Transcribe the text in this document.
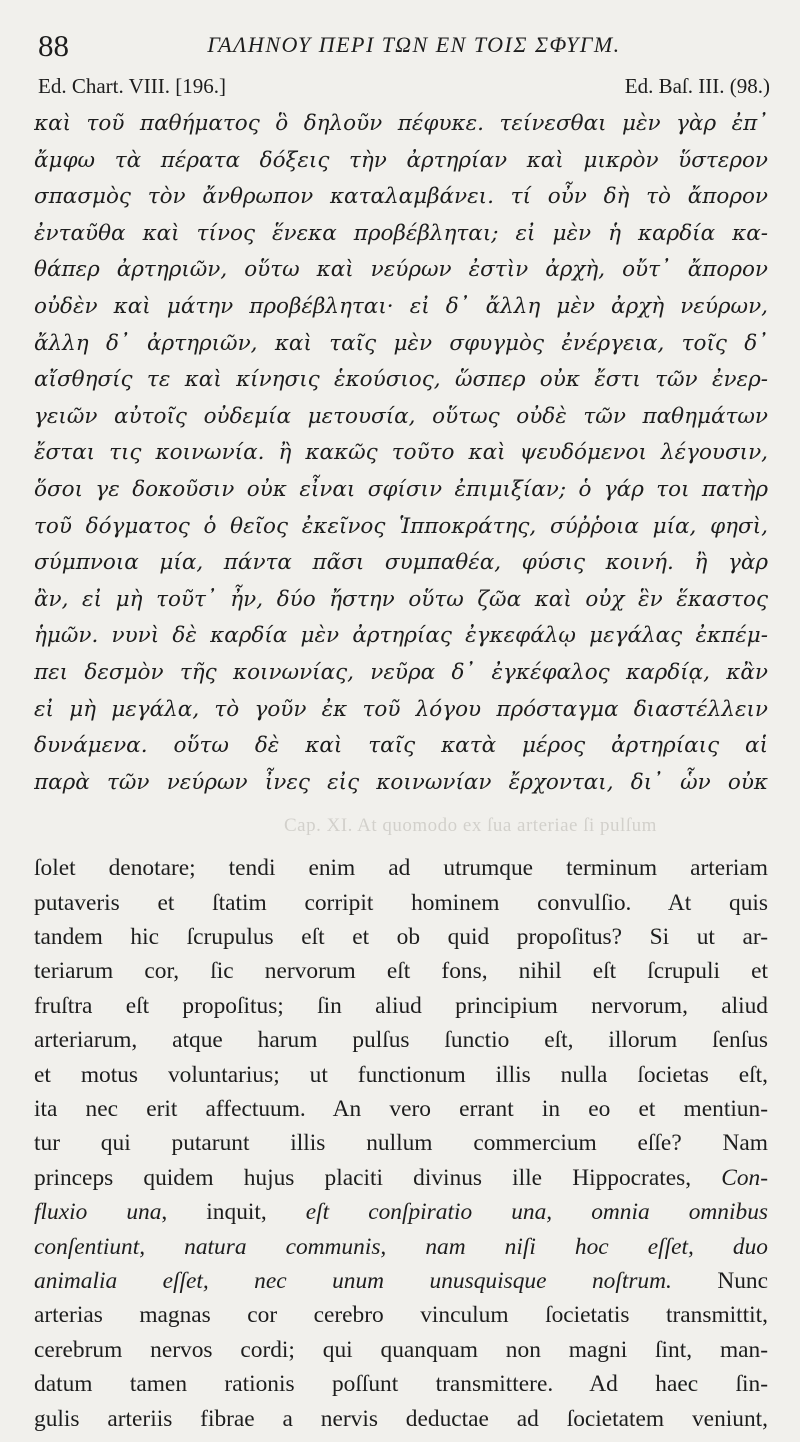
88	ΓΑΛΗΝΟΥ ΠΕΡΙ ΤΩΝ ΕΝ ΤΟΙΣ ΣΦΥΓΜ.
Ed. Chart. VIII. [196.]	Ed. Baſ. III. (98.)
καὶ τοῦ παθήματος ὃ δηλοῦν πέφυκε. τείνεσθαι μὲν γὰρ ἐπ᾽
ἄμφω τὰ πέρατα δόξεις τὴν ἀρτηρίαν καὶ μικρὸν ὕστερον
σπασμὸς τὸν ἄνθρωπον καταλαμβάνει. τί οὖν δὴ τὸ ἄπορον
ἐνταῦθα καὶ τίνος ἕνεκα προβέβληται; εἰ μὲν ἡ καρδία κα-
θάπερ ἀρτηριῶν, οὕτω καὶ νεύρων ἐστὶν ἀρχὴ, οὔτ᾽ ἄπορον
οὐδὲν καὶ μάτην προβέβληται· εἰ δ᾽ ἄλλη μὲν ἀρχὴ νεύρων,
ἄλλη δ᾽ ἀρτηριῶν, καὶ ταῖς μὲν σφυγμὸς ἐνέργεια, τοῖς δ᾽
αἴσθησίς τε καὶ κίνησις ἑκούσιος, ὥσπερ οὐκ ἔστι τῶν ἐνερ-
γειῶν αὐτοῖς οὐδεμία μετουσία, οὕτως οὐδὲ τῶν παθημάτων
ἔσται τις κοινωνία. ἢ κακῶς τοῦτο καὶ ψευδόμενοι λέγουσιν,
ὅσοι γε δοκοῦσιν οὐκ εἶναι σφίσιν ἐπιμιξίαν; ὁ γάρ τοι πατὴρ
τοῦ δόγματος ὁ θεῖος ἐκεῖνος Ἱπποκράτης, σύῤῥοια μία, φησὶ,
σύμπνοια μία, πάντα πᾶσι συμπαθέα, φύσις κοινή. ἢ γὰρ
ἂν, εἰ μὴ τοῦτ᾽ ἦν, δύο ἤστην οὕτω ζῶα καὶ οὐχ ἓν ἕκαστος
ἡμῶν. νυνὶ δὲ καρδία μὲν ἀρτηρίας ἐγκεφάλῳ μεγάλας ἐκπέμ-
πει δεσμὸν τῆς κοινωνίας, νεῦρα δ᾽ ἐγκέφαλος καρδίᾳ, κἂν
εἰ μὴ μεγάλα, τὸ γοῦν ἐκ τοῦ λόγου πρόσταγμα διαστέλλειν
δυνάμενα. οὕτω δὲ καὶ ταῖς κατὰ μέρος ἀρτηρίαις αἱ
παρὰ τῶν νεύρων ἶνες εἰς κοινωνίαν ἔρχονται, δι᾽ ὧν οὐκ
Cap. XI. At quomodo ex ſua arteriae ſi pulſum
ſolet denotare; tendi enim ad utrumque terminum arteriam
putaveris et ſtatim corripit hominem convulſio. At quis
tandem hic ſcrupulus eſt et ob quid propoſitus? Si ut ar-
teriarum cor, ſic nervorum eſt fons, nihil eſt ſcrupuli et
fruſtra eſt propoſitus; ſin aliud principium nervorum, aliud
arteriarum, atque harum pulſus ſunctio eſt, illorum ſenſus
et motus voluntarius; ut functionum illis nulla ſocietas eſt,
ita nec erit affectuum. An vero errant in eo et mentiun-
tur qui putarunt illis nullum commercium eſſe? Nam
princeps quidem hujus placiti divinus ille Hippocrates, Con-
fluxio una, inquit, eſt conſpiratio una, omnia omnibus
conſentiunt, natura communis, nam niſi hoc eſſet, duo
animalia eſſet, nec unum unusquisque noſtrum. Nunc
arterias magnas cor cerebro vinculum ſocietatis transmittit,
cerebrum nervos cordi; qui quanquam non magni ſint, man-
datum tamen rationis poſſunt transmittere. Ad haec ſin-
gulis arteriis fibrae a nervis deductae ad ſocietatem veniunt,
